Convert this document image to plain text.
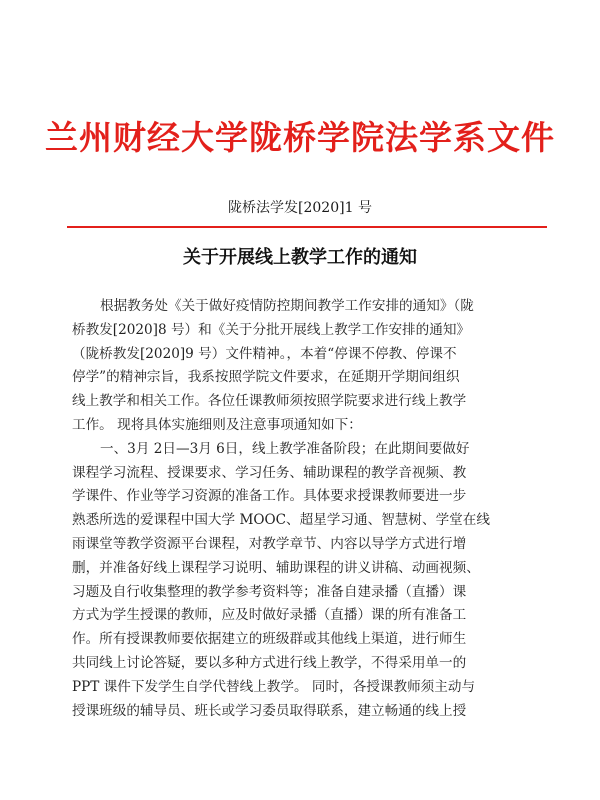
兰州财经大学陇桥学院法学系文件
陇桥法学发[2020]1 号
关于开展线上教学工作的通知
根据教务处《关于做好疫情防控期间教学工作安排的通知》（陇
桥教发[2020]8 号）和《关于分批开展线上教学工作安排的通知》
（陇桥教发[2020]9 号）文件精神。，本着“停课不停教、停课不
停学”的精神宗旨，我系按照学院文件要求，在延期开学期间组织
线上教学和相关工作。各位任课教师须按照学院要求进行线上教学
工作。 现将具体实施细则及注意事项通知如下：
一、3月 2日—3月 6日，线上教学准备阶段；在此期间要做好
课程学习流程、授课要求、学习任务、辅助课程的教学音视频、教
学课件、作业等学习资源的准备工作。具体要求授课教师要进一步
熟悉所选的爱课程中国大学 MOOC、超星学习通、智慧树、学堂在线
雨课堂等教学资源平台课程，对教学章节、内容以导学方式进行增
删，并准备好线上课程学习说明、辅助课程的讲义讲稿、动画视频、
习题及自行收集整理的教学参考资料等；准备自建录播（直播）课
方式为学生授课的教师，应及时做好录播（直播）课的所有准备工
作。所有授课教师要依据建立的班级群或其他线上渠道，进行师生
共同线上讨论答疑，要以多种方式进行线上教学，不得采用单一的
PPT 课件下发学生自学代替线上教学。 同时，各授课教师须主动与
授课班级的辅导员、班长或学习委员取得联系，建立畅通的线上授
